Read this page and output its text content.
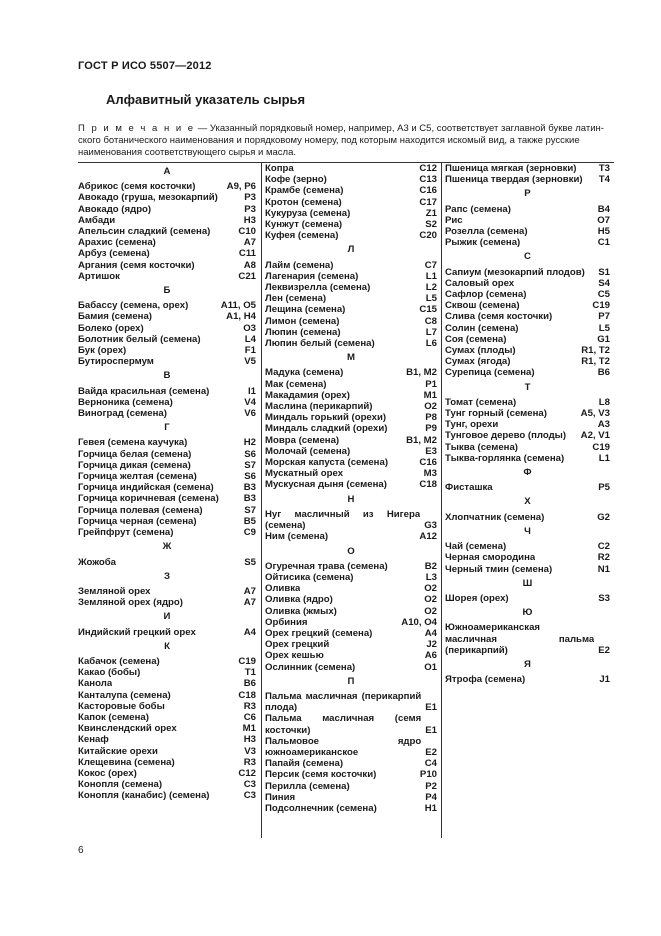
ГОСТ Р ИСО 5507—2012
Алфавитный указатель сырья
П р и м е ч а н и е — Указанный порядковый номер, например, А3 и С5, соответствует заглавной букве латин-
ского ботанического наименования и порядковому номеру, под которым находится искомый вид, а также русские
наименования соответствующего сырья и масла.
А
Абрикос (семя косточки)	А9, Р6
Авокадо (груша, мезокарпий)	Р3
Авокадо (ядро)	Р3
Амбади	Н3
Апельсин сладкий (семена)	С10
Арахис (семена)	А7
Арбуз (семена)	С11
Аргания (семя косточки)	А8
Артишок	С21
Б
Бабассу (семена, орех)	А11, О5
Бамия (семена)	А1, Н4
Болеко (орех)	О3
Болотник белый (семена)	L4
Бук (орех)	F1
Бутироспермум	V5
В
Вайда красильная (семена)	I1
Верноника (семена)	V4
Виноград (семена)	V6
Г
Гевея (семена каучука)	Н2
Горчица белая (семена)	S6
Горчица дикая (семена)	S7
Горчица желтая (семена)	S6
Горчица индийская (семена)	В3
Горчица коричневая (семена)	В3
Горчица полевая (семена)	S7
Горчица черная (семена)	В5
Грейпфрут (семена)	С9
Ж
Жожоба	S5
З
Земляной орех	А7
Земляной орех (ядро)	А7
И
Индийский грецкий орех	А4
К
Кабачок (семена)	С19
Какао (бобы)	Т1
Канола	В6
Канталупа (семена)	С18
Касторовые бобы	R3
Капок (семена)	С6
Квинслендский орех	М1
Кенаф	Н3
Китайские орехи	V3
Клещевина (семена)	R3
Кокос (орех)	С12
Конопля (семена)	С3
Конопля (канабис) (семена)	С3
Копра	С12
Кофе (зерно)	С13
Крамбе (семена)	С16
Кротон (семена)	С17
Кукуруза (семена)	Z1
Кунжут (семена)	S2
Куфея (семена)	С20
Л
Лайм (семена)	С7
Лагенария (семена)	L1
Леквизрелла (семена)	L2
Лен (семена)	L5
Лещина (семена)	С15
Лимон (семена)	С8
Люпин (семена)	L7
Люпин белый (семена)	L6
М
Мадука (семена)	В1, М2
Мак (семена)	Р1
Макадамия (орех)	М1
Маслина (перикарпий)	О2
Миндаль горький (орехи)	Р8
Миндаль сладкий (орехи)	Р9
Мовра (семена)	В1, М2
Молочай (семена)	Е3
Морская капуста (семена)	С16
Мускатный орех	М3
Мускусная дыня (семена)	С18
Н
Нуг масличный из Нигерa (семена)	G3
Ним (семена)	А12
О
Огуречная трава (семена)	В2
Ойтисика (семена)	L3
Оливка	О2
Оливка (ядро)	О2
Оливка (жмых)	О2
Орбиния	А10, О4
Орех грецкий (семена)	А4
Орех грецкий	J2
Орех кешью	А6
Ослинник (семена)	О1
П
Пальма масличная (перикарпий плода)	Е1
Пальма масличная (семя косточки)	Е1
Пальмовое ядро южноамериканское	Е2
Папайя (семена)	С4
Персик (семя косточки)	Р10
Перилла (семена)	Р2
Пиния	Р4
Подсолнечник (семена)	Н1
Пшеница мягкая (зерновки)	Т3
Пшеница твердая (зерновки)	Т4
Р
Рапс (семена)	В4
Рис	О7
Розелла (семена)	Н5
Рыжик (семена)	С1
С
Сапиум (мезокарпий плодов)	S1
Саловый орех	S4
Сафлор (семена)	С5
Сквош (семена)	С19
Слива (семя косточки)	Р7
Солин (семена)	L5
Соя (семена)	G1
Сумах (плоды)	R1, Т2
Сумах (ягода)	R1, Т2
Сурепица (семена)	В6
Т
Томат (семена)	L8
Тунг горный (семена)	А5, V3
Тунг, орехи	А3
Тунговое дерево (плоды)	А2, V1
Тыква (семена)	С19
Тыква-горлянка (семена)	L1
Ф
Фисташка	Р5
Х
Хлопчатник (семена)	G2
Ч
Чай (семена)	С2
Черная смородина	R2
Черный тмин (семена)	N1
Ш
Шорея (орех)	S3
Ю
Южноамериканская масличная пальма (перикарпий)	Е2
Я
Ятрофа (семена)	J1
6
